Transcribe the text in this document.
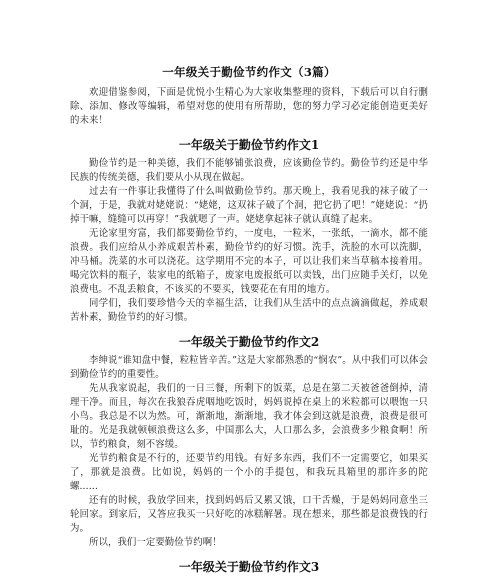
一年级关于勤俭节约作文（3篇）

欢迎借鉴参阅，下面是优悦小生精心为大家收集整理的资料，下载后可以自行删除、添加、修改等编辑，希望对您的使用有所帮助，您的努力学习必定能创造更美好的未来！

一年级关于勤俭节约作文1

勤俭节约是一种美德，我们不能够铺张浪费，应该勤俭节约。勤俭节约还是中华民族的传统美德，我们要从小从现在做起。

过去有一件事让我懂得了什么叫做勤俭节约。那天晚上，我看见我的袜子破了一个洞，于是，我就对姥姥说：“姥姥，这双袜子破了个洞，把它扔了吧！”姥姥说：“扔掉干嘛，缝缝可以再穿！”我就嗯了一声。姥姥拿起袜子就认真缝了起来。

无论家里穷富，我们都要勤俭节约，一度电，一粒米，一张纸，一滴水，都不能浪费。我们应给从小养成艰苦朴素，勤俭节约的好习惯。洗手，洗脸的水可以洗脚，冲马桶。洗菜的水可以浇花。这学期用不完的本子，可以让我们来当草稿本接着用。喝完饮料的瓶子，装家电的纸箱子，废家电废报纸可以卖钱，出门应随手关灯，以免浪费电。不乱丢粮食，不该买的不要买，钱要花在有用的地方。

同学们，我们要珍惜今天的幸福生活，让我们从生活中的点点滴滴做起，养成艰苦朴素，勤俭节约的好习惯。

一年级关于勤俭节约作文2

李绅说“谁知盘中餐，粒粒皆辛苦。”这是大家都熟悉的“悯农”。从中我们可以体会到勤俭节约的重要性。

先从我家说起，我们的一日三餐，所剩下的饭菜，总是在第二天被爸爸倒掉，清理干净。而且，每次在我狼吞虎咽地吃饭时，妈妈说掉在桌上的米粒都可以喂饱一只小鸟。我总是不以为然。可，渐渐地，渐渐地，我才体会到这就是浪费，浪费是很可耻的。光是我就顿顿浪费这么多，中国那么大，人口那么多，会浪费多少粮食啊！所以，节约粮食，刻不容缓。

光节约粮食是不行的，还要节约用钱。有好多东西，我们不一定需要它，如果买了，那就是浪费。比如说，妈妈的一个小的手提包，和我玩具箱里的那许多的陀螺......

还有的时候，我放学回来，找到妈妈后又累又饿，口干舌燥，于是妈妈同意坐三轮回家。到家后，又答应我买一只好吃的冰糕解暑。现在想来，那些都是浪费钱的行为。

所以，我们一定要勤俭节约啊！

一年级关于勤俭节约作文3
